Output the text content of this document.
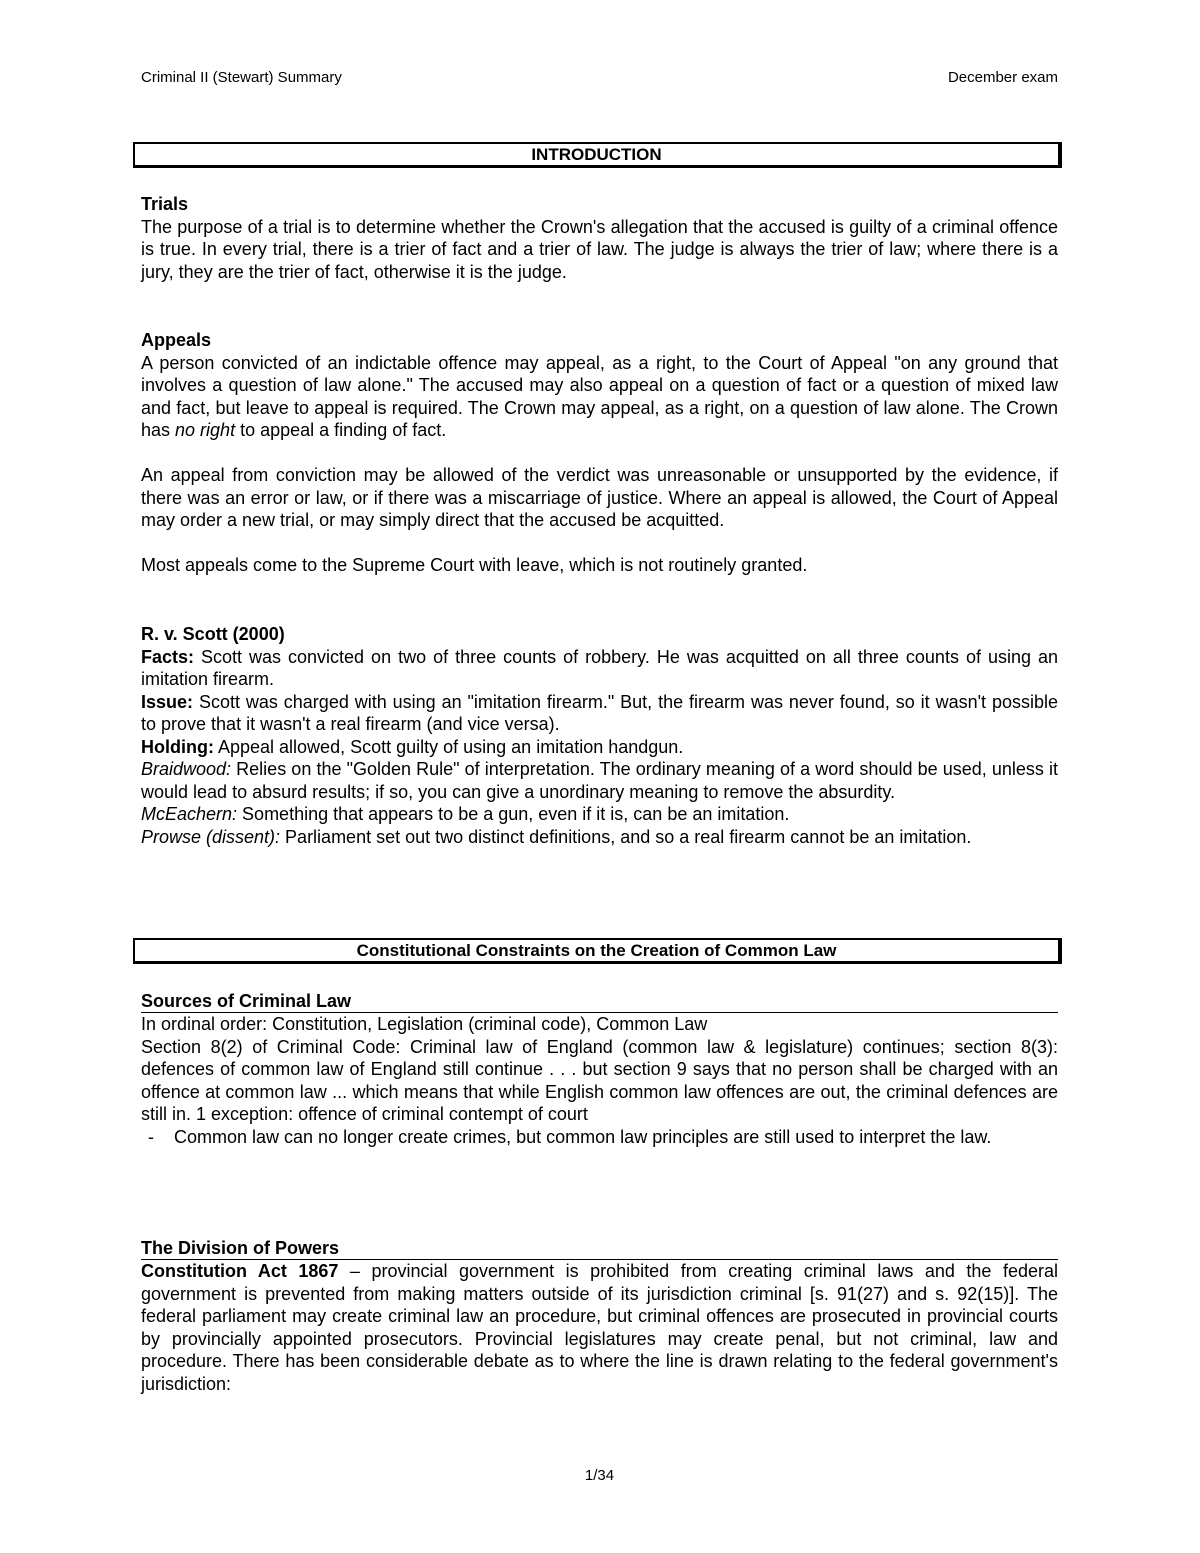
Criminal II (Stewart) Summary	December exam
INTRODUCTION
Trials
The purpose of a trial is to determine whether the Crown's allegation that the accused is guilty of a criminal offence is true. In every trial, there is a trier of fact and a trier of law. The judge is always the trier of law; where there is a jury, they are the trier of fact, otherwise it is the judge.
Appeals
A person convicted of an indictable offence may appeal, as a right, to the Court of Appeal "on any ground that involves a question of law alone." The accused may also appeal on a question of fact or a question of mixed law and fact, but leave to appeal is required. The Crown may appeal, as a right, on a question of law alone. The Crown has no right to appeal a finding of fact.
An appeal from conviction may be allowed of the verdict was unreasonable or unsupported by the evidence, if there was an error or law, or if there was a miscarriage of justice. Where an appeal is allowed, the Court of Appeal may order a new trial, or may simply direct that the accused be acquitted.
Most appeals come to the Supreme Court with leave, which is not routinely granted.
R. v. Scott (2000)
Facts: Scott was convicted on two of three counts of robbery. He was acquitted on all three counts of using an imitation firearm.
Issue: Scott was charged with using an "imitation firearm." But, the firearm was never found, so it wasn't possible to prove that it wasn't a real firearm (and vice versa).
Holding: Appeal allowed, Scott guilty of using an imitation handgun.
Braidwood: Relies on the "Golden Rule" of interpretation. The ordinary meaning of a word should be used, unless it would lead to absurd results; if so, you can give a unordinary meaning to remove the absurdity.
McEachern: Something that appears to be a gun, even if it is, can be an imitation.
Prowse (dissent): Parliament set out two distinct definitions, and so a real firearm cannot be an imitation.
Constitutional Constraints on the Creation of Common Law
Sources of Criminal Law
In ordinal order: Constitution, Legislation (criminal code), Common Law
Section 8(2) of Criminal Code: Criminal law of England (common law & legislature) continues; section 8(3): defences of common law of England still continue . . . but section 9 says that no person shall be charged with an offence at common law ... which means that while English common law offences are out, the criminal defences are still in. 1 exception: offence of criminal contempt of court
- Common law can no longer create crimes, but common law principles are still used to interpret the law.
The Division of Powers
Constitution Act 1867 – provincial government is prohibited from creating criminal laws and the federal government is prevented from making matters outside of its jurisdiction criminal [s. 91(27) and s. 92(15)]. The federal parliament may create criminal law an procedure, but criminal offences are prosecuted in provincial courts by provincially appointed prosecutors. Provincial legislatures may create penal, but not criminal, law and procedure. There has been considerable debate as to where the line is drawn relating to the federal government's jurisdiction:
1/34
